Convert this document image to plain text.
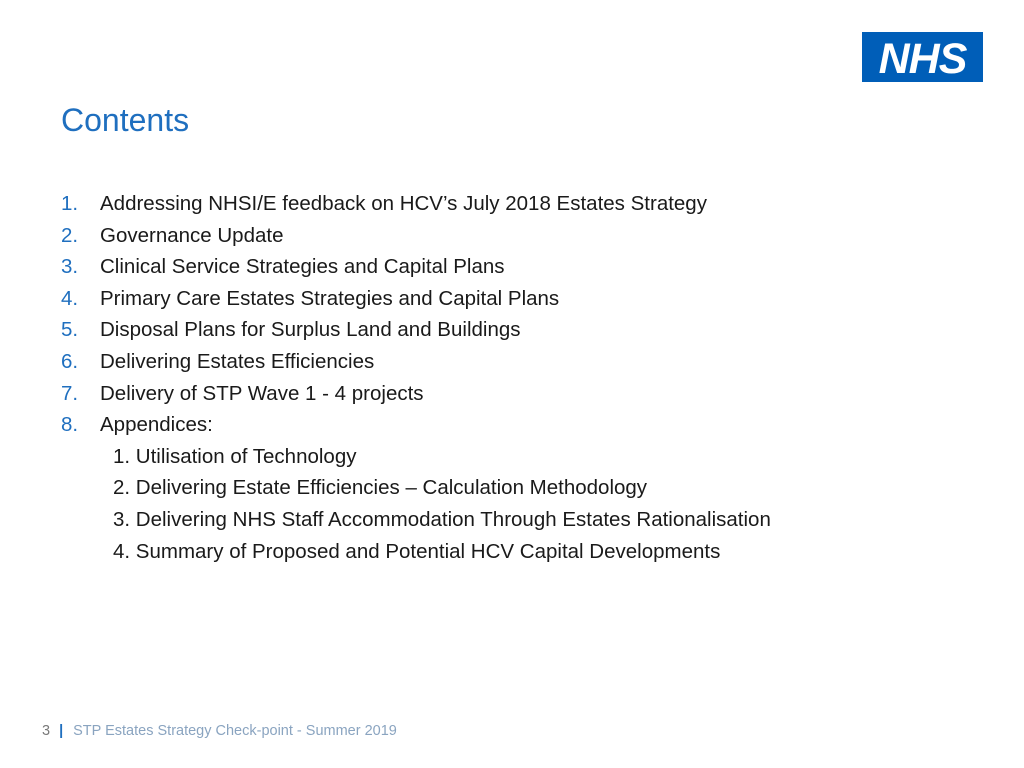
NHS
Contents
1. Addressing NHSI/E feedback on HCV’s July 2018 Estates Strategy
2. Governance Update
3. Clinical Service Strategies and Capital Plans
4. Primary Care Estates Strategies and Capital Plans
5. Disposal Plans for Surplus Land and Buildings
6. Delivering Estates Efficiencies
7. Delivery of STP Wave 1 - 4 projects
8. Appendices:
1. Utilisation of Technology
2. Delivering Estate Efficiencies – Calculation Methodology
3. Delivering NHS Staff Accommodation Through Estates Rationalisation
4. Summary of Proposed and Potential HCV Capital Developments
3 | STP Estates Strategy Check-point - Summer 2019
